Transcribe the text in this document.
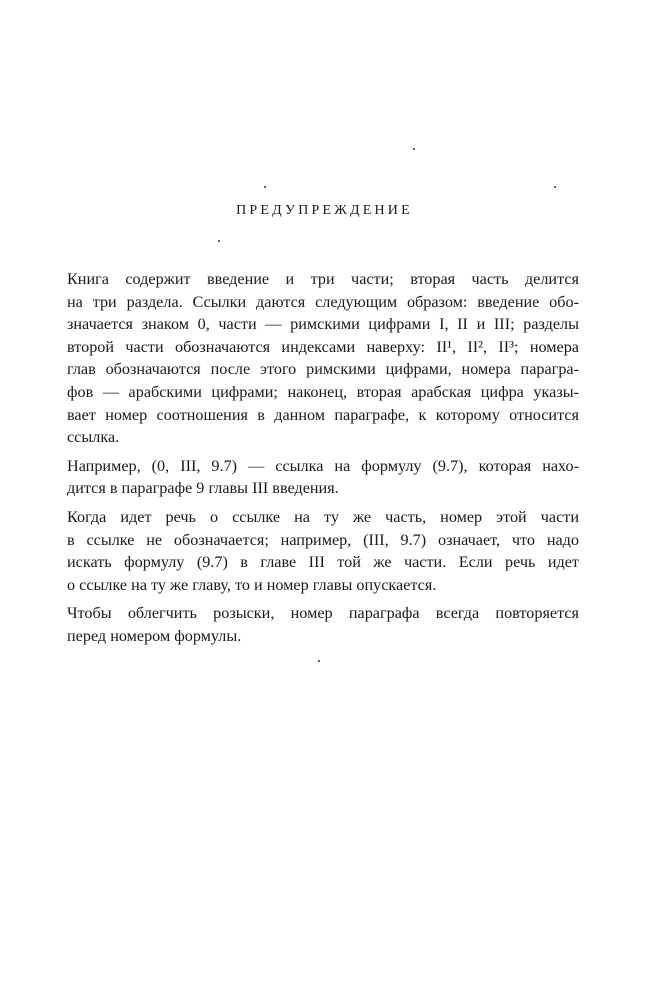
ПРЕДУПРЕЖДЕНИЕ

Книга содержит введение и три части; вторая часть делится
на три раздела. Ссылки даются следующим образом: введение обо-
значается знаком 0, части — римскими цифрами I, II и III; разделы
второй части обозначаются индексами наверху: II¹, II², II³; номера
глав обозначаются после этого римскими цифрами, номера парагра-
фов — арабскими цифрами; наконец, вторая арабская цифра указы-
вает номер соотношения в данном параграфе, к которому относится
ссылка.

Например, (0, III, 9.7) — ссылка на формулу (9.7), которая нахо-
дится в параграфе 9 главы III введения.

Когда идет речь о ссылке на ту же часть, номер этой части
в ссылке не обозначается; например, (III, 9.7) означает, что надо
искать формулу (9.7) в главе III той же части. Если речь идет
о ссылке на ту же главу, то и номер главы опускается.

Чтобы облегчить розыски, номер параграфа всегда повторяется
перед номером формулы.
